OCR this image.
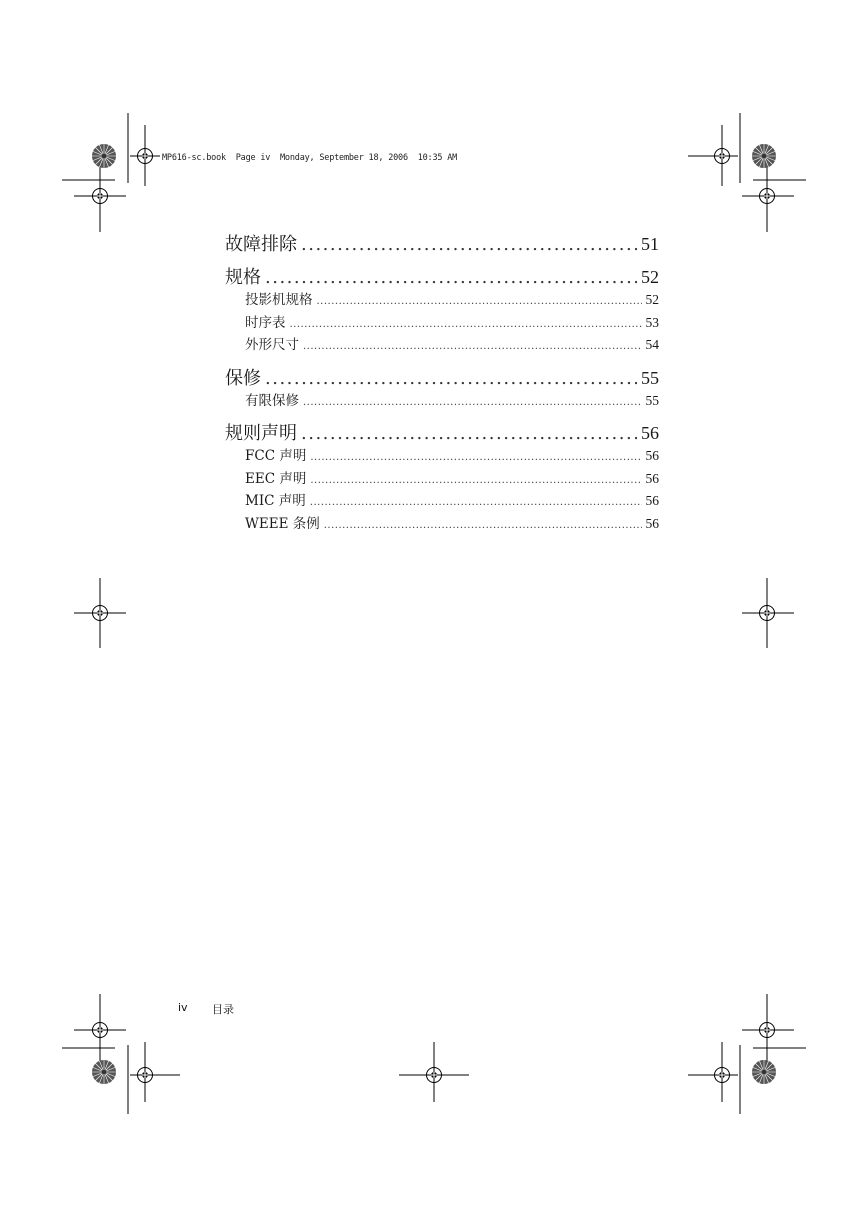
MP616-sc.book  Page iv  Monday, September 18, 2006  10:35 AM
故障排除 .....	51
规格 .....	52
投影机规格 .....	52
时序表 .....	53
外形尺寸 .....	54
保修 .....	55
有限保修 .....	55
规则声明 .....	56
FCC 声明 .....	56
EEC 声明 .....	56
MIC 声明 .....	56
WEEE 条例 .....	56
iv 目录
